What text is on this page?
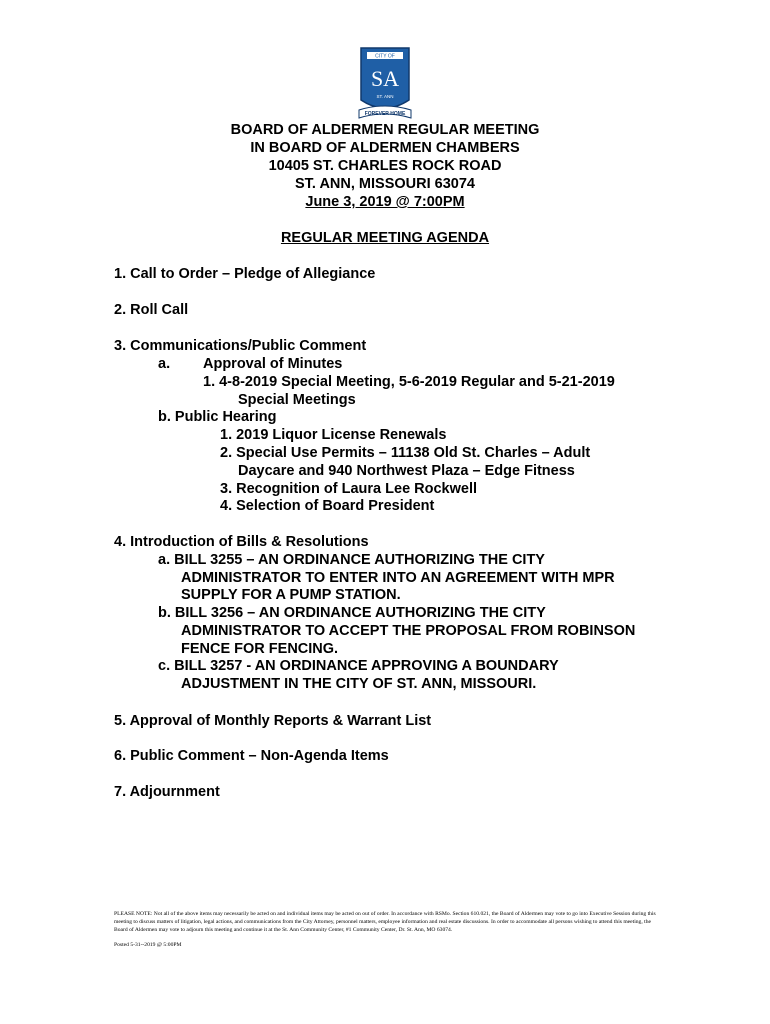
CITY OF
SA
ST. ANN
FOREVER HOME
BOARD OF ALDERMEN REGULAR MEETING
IN BOARD OF ALDERMEN CHAMBERS
10405 ST. CHARLES ROCK ROAD
ST. ANN, MISSOURI 63074
June 3, 2019 @ 7:00PM
REGULAR MEETING AGENDA
1. Call to Order – Pledge of Allegiance
2. Roll Call
3. Communications/Public Comment
a. Approval of Minutes
1. 4-8-2019 Special Meeting, 5-6-2019 Regular and 5-21-2019
Special Meetings
b. Public Hearing
1. 2019 Liquor License Renewals
2. Special Use Permits – 11138 Old St. Charles – Adult
Daycare and 940 Northwest Plaza – Edge Fitness
3. Recognition of Laura Lee Rockwell
4. Selection of Board President
4. Introduction of Bills & Resolutions
a. BILL 3255 – AN ORDINANCE AUTHORIZING THE CITY
ADMINISTRATOR TO ENTER INTO AN AGREEMENT WITH MPR
SUPPLY FOR A PUMP STATION.
b. BILL 3256 – AN ORDINANCE AUTHORIZING THE CITY
ADMINISTRATOR TO ACCEPT THE PROPOSAL FROM ROBINSON
FENCE FOR FENCING.
c. BILL 3257 - AN ORDINANCE APPROVING A BOUNDARY
ADJUSTMENT IN THE CITY OF ST. ANN, MISSOURI.
5. Approval of Monthly Reports & Warrant List
6. Public Comment – Non-Agenda Items
7. Adjournment
PLEASE NOTE: Not all of the above items may necessarily be acted on and individual items may be acted on out of order. In accordance with RSMo. Section 610.021, the Board of Aldermen may vote to go into Executive Session during this meeting to discuss matters of litigation, legal actions, and communications from the City Attorney, personnel matters, employee information and real estate discussions. In order to accommodate all persons wishing to attend this meeting, the Board of Aldermen may vote to adjourn this meeting and continue it at the St. Ann Community Center, #1 Community Center, Dr. St. Ann, MO 63074.
Posted 5-31--2019 @ 5:00PM
